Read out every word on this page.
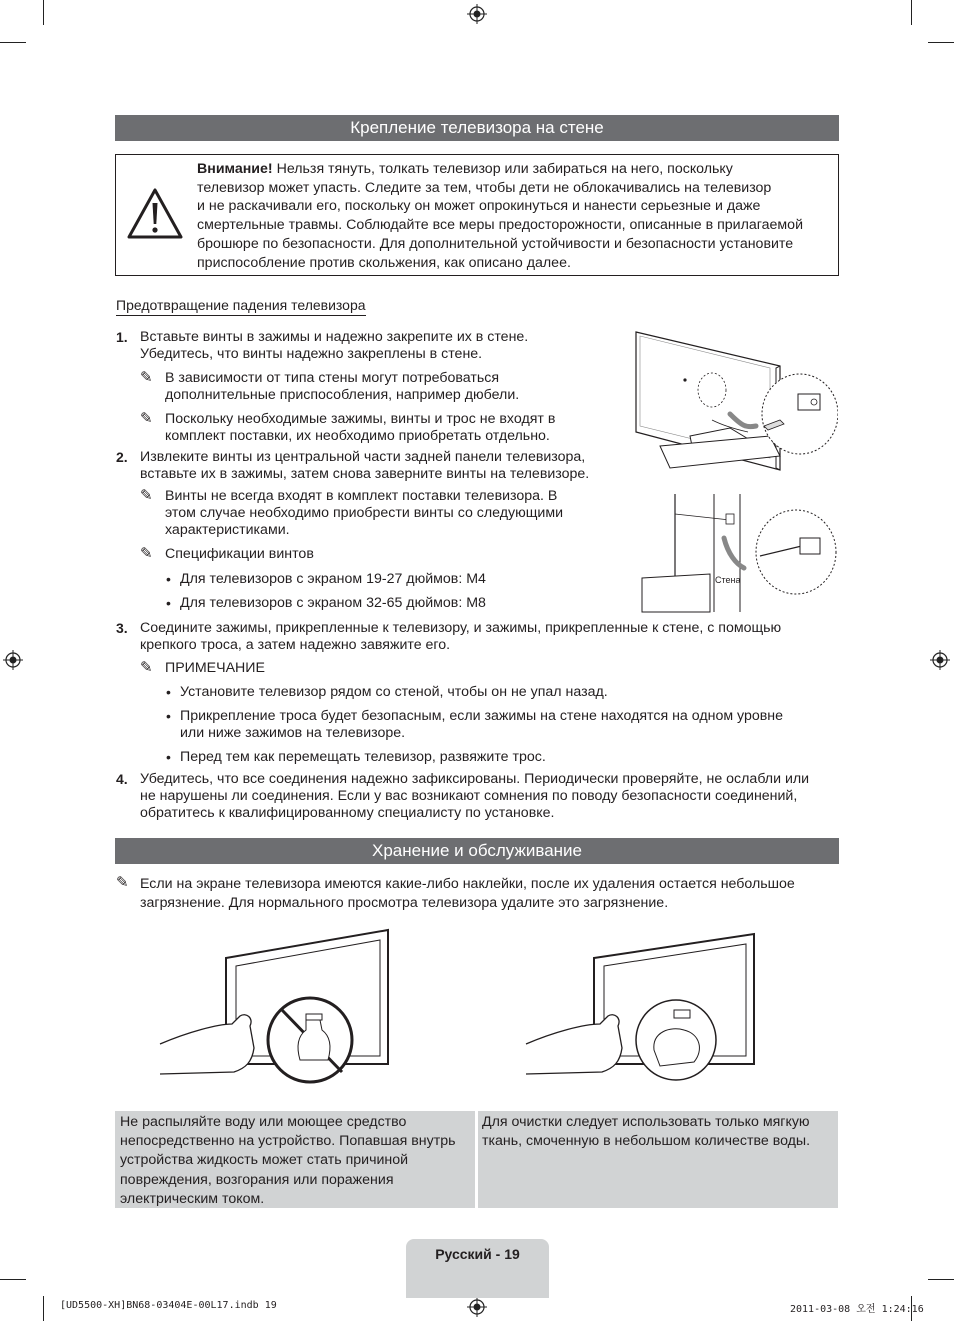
Крепление телевизора на стене
Внимание! Нельзя тянуть, толкать телевизор или забираться на него, поскольку
телевизор может упасть. Следите за тем, чтобы дети не облокачивались на телевизор
и не раскачивали его, поскольку он может опрокинуться и нанести серьезные и даже
смертельные травмы. Соблюдайте все меры предосторожности, описанные в прилагаемой
брошюре по безопасности. Для дополнительной устойчивости и безопасности установите
приспособление против скольжения, как описано далее.
Предотвращение падения телевизора
1. Вставьте винты в зажимы и надежно закрепите их в стене.
Убедитесь, что винты надежно закреплены в стене.
✎ В зависимости от типа стены могут потребоваться
дополнительные приспособления, например дюбели.
✎ Поскольку необходимые зажимы, винты и трос не входят в
комплект поставки, их необходимо приобретать отдельно.
2. Извлеките винты из центральной части задней панели телевизора,
вставьте их в зажимы, затем снова заверните винты на телевизоре.
✎ Винты не всегда входят в комплект поставки телевизора. В
этом случае необходимо приобрести винты со следующими
характеристиками.
✎ Спецификации винтов
• Для телевизоров с экраном 19-27 дюймов: M4
• Для телевизоров с экраном 32-65 дюймов: M8
3. Соедините зажимы, прикрепленные к телевизору, и зажимы, прикрепленные к стене, с помощью
крепкого троса, а затем надежно завяжите его.
✎ ПРИМЕЧАНИЕ
• Установите телевизор рядом со стеной, чтобы он не упал назад.
• Прикрепление троса будет безопасным, если зажимы на стене находятся на одном уровне
или ниже зажимов на телевизоре.
• Перед тем как перемещать телевизор, развяжите трос.
4. Убедитесь, что все соединения надежно зафиксированы. Периодически проверяйте, не ослабли или
не нарушены ли соединения. Если у вас возникают сомнения по поводу безопасности соединений,
обратитесь к квалифицированному специалисту по установке.
Стена
Хранение и обслуживание
✎ Если на экране телевизора имеются какие-либо наклейки, после их удаления остается небольшое
загрязнение. Для нормального просмотра телевизора удалите это загрязнение.
Не распыляйте воду или моющее средство
непосредственно на устройство. Попавшая внутрь
устройства жидкость может стать причиной
повреждения, возгорания или поражения
электрическим током.
Для очистки следует использовать только мягкую
ткань, смоченную в небольшом количестве воды.
Русский - 19
[UD5500-XH]BN68-03404E-00L17.indb 19	2011-03-08 오전 1:24:16
